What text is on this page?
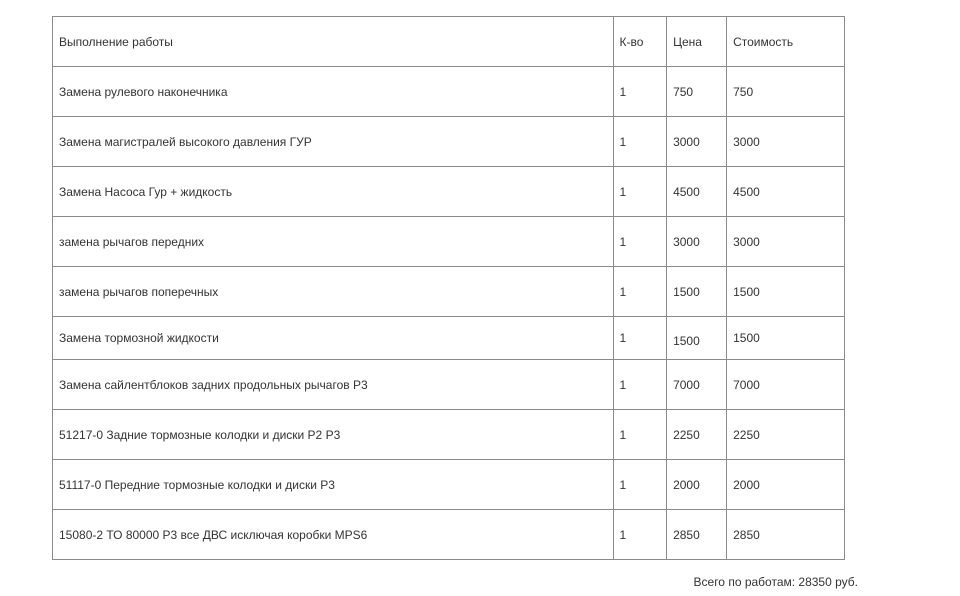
Выполнение работы	К-во	Цена	Стоимость
Замена рулевого наконечника	1	750	750
Замена магистралей высокого давления ГУР	1	3000	3000
Замена Насоса Гур + жидкость	1	4500	4500
замена рычагов передних	1	3000	3000
замена рычагов поперечных	1	1500	1500
Замена тормозной жидкости	1	1500	1500
Замена сайлентблоков задних продольных рычагов Р3	1	7000	7000
51217-0 Задние тормозные колодки и диски Р2 Р3	1	2250	2250
51117-0 Передние тормозные колодки и диски Р3	1	2000	2000
15080-2 ТО 80000 Р3 все ДВС исключая коробки MPS6	1	2850	2850
Всего по работам: 28350 руб.
